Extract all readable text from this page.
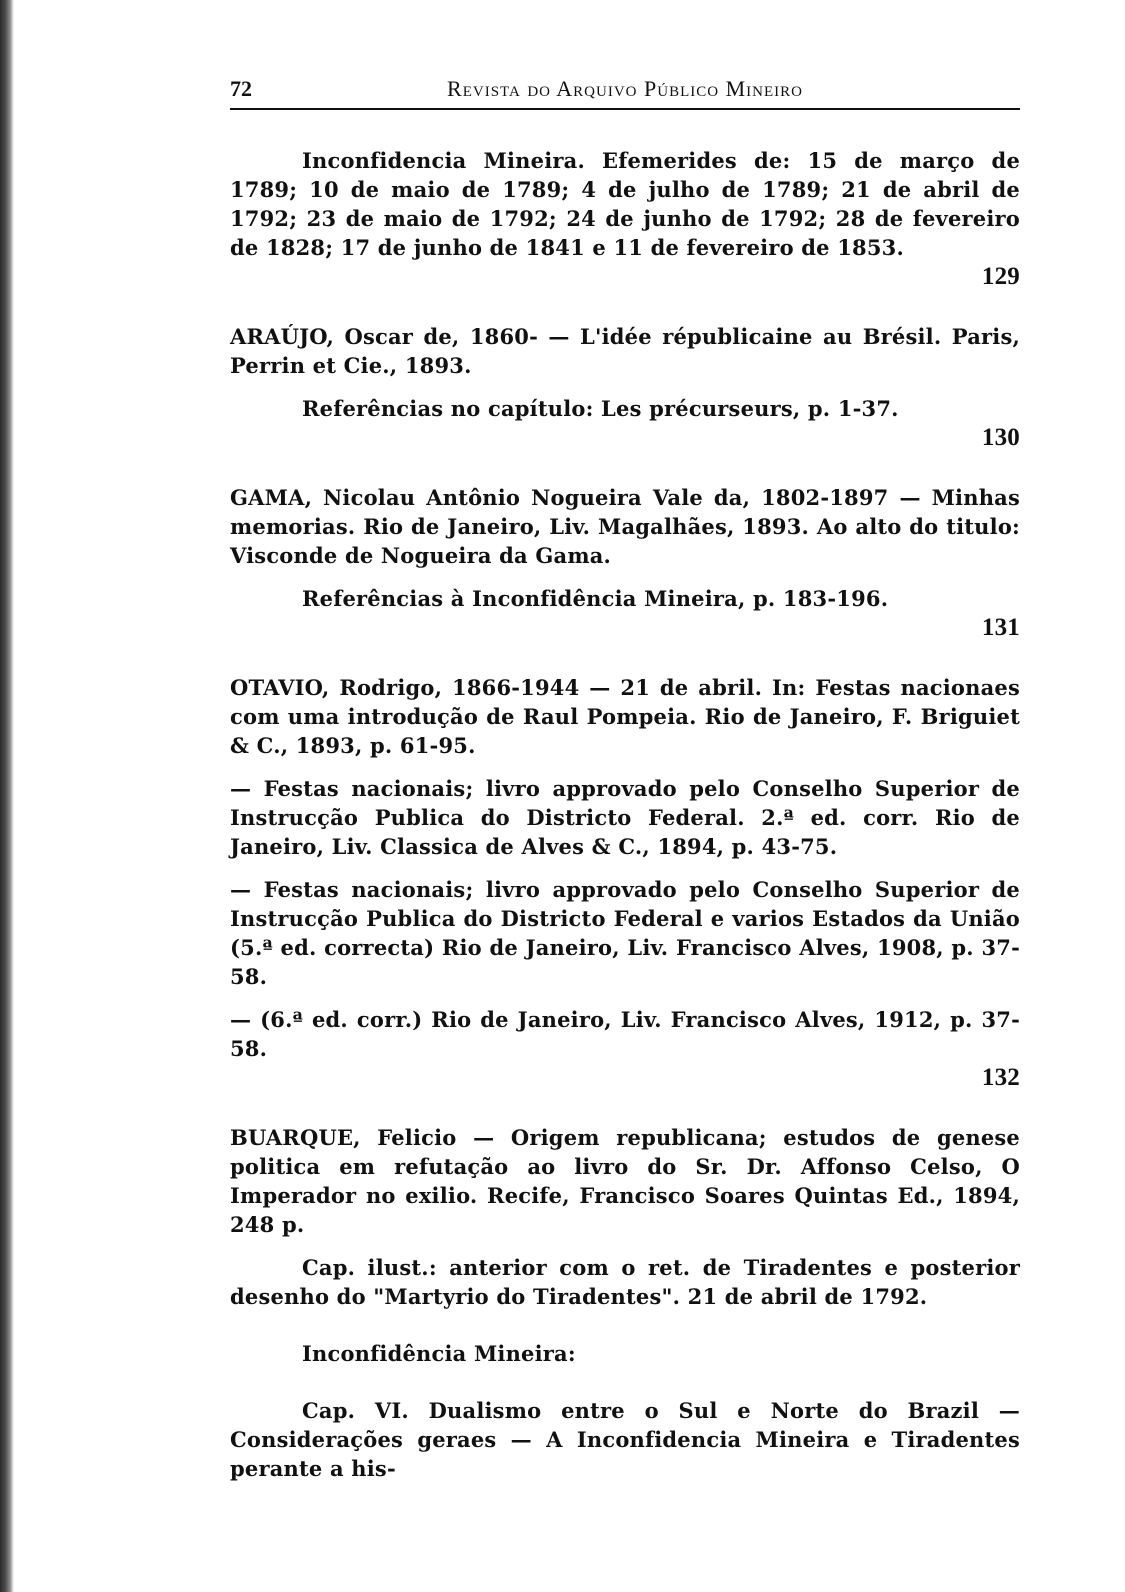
72	Revista do Arquivo Público Mineiro

Inconfidencia Mineira. Efemerides de: 15 de março de 1789; 10 de maio de 1789; 4 de julho de 1789; 21 de abril de 1792; 23 de maio de 1792; 24 de junho de 1792; 28 de fevereiro de 1828; 17 de junho de 1841 e 11 de fevereiro de 1853.

129

ARAÚJO, Oscar de, 1860- — L'idée républicaine au Brésil. Paris, Perrin et Cie., 1893.

Referências no capítulo: Les précurseurs, p. 1-37.

130

GAMA, Nicolau Antônio Nogueira Vale da, 1802-1897 — Minhas memorias. Rio de Janeiro, Liv. Magalhães, 1893. Ao alto do titulo: Visconde de Nogueira da Gama.

Referências à Inconfidência Mineira, p. 183-196.

131

OTAVIO, Rodrigo, 1866-1944 — 21 de abril. In: Festas nacionaes com uma introdução de Raul Pompeia. Rio de Janeiro, F. Briguiet & C., 1893, p. 61-95.

— Festas nacionais; livro approvado pelo Conselho Superior de Instrucção Publica do Districto Federal. 2.ª ed. corr. Rio de Janeiro, Liv. Classica de Alves & C., 1894, p. 43-75.

— Festas nacionais; livro approvado pelo Conselho Superior de Instrucção Publica do Districto Federal e varios Estados da União (5.ª ed. correcta) Rio de Janeiro, Liv. Francisco Alves, 1908, p. 37-58.

— (6.ª ed. corr.) Rio de Janeiro, Liv. Francisco Alves, 1912, p. 37-58.

132

BUARQUE, Felicio — Origem republicana; estudos de genese politica em refutação ao livro do Sr. Dr. Affonso Celso, O Imperador no exilio. Recife, Francisco Soares Quintas Ed., 1894, 248 p.

Cap. ilust.: anterior com o ret. de Tiradentes e posterior desenho do "Martyrio do Tiradentes". 21 de abril de 1792.

Inconfidência Mineira:

Cap. VI. Dualismo entre o Sul e Norte do Brazil — Considerações geraes — A Inconfidencia Mineira e Tiradentes perante a his-
